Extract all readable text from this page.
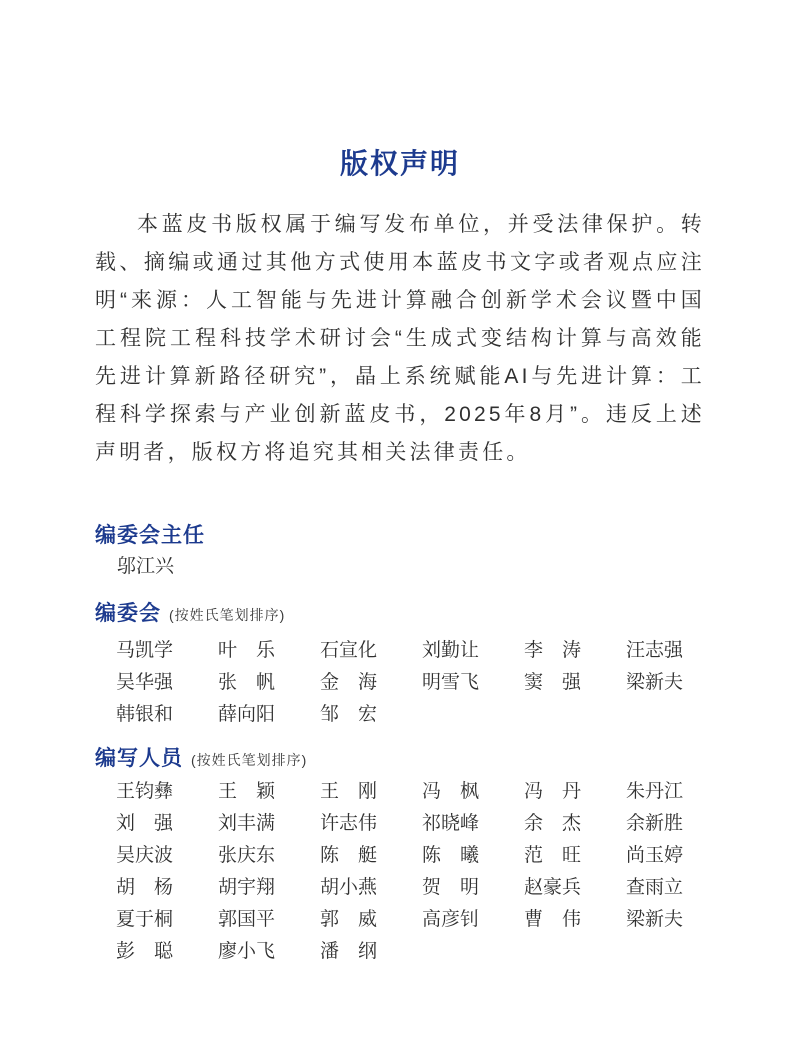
版权声明

本蓝皮书版权属于编写发布单位，并受法律保护。转载、摘编或通过其他方式使用本蓝皮书文字或者观点应注明“来源：人工智能与先进计算融合创新学术会议暨中国工程院工程科技学术研讨会“生成式变结构计算与高效能先进计算新路径研究”，晶上系统赋能AI与先进计算：工程科学探索与产业创新蓝皮书，2025年8月”。违反上述声明者，版权方将追究其相关法律责任。

编委会主任
邬江兴
编委会 (按姓氏笔划排序)
马凯学	叶　乐	石宣化	刘勤让	李　涛	汪志强
吴华强	张　帆	金　海	明雪飞	窦　强	梁新夫
韩银和	薛向阳	邹　宏
编写人员 (按姓氏笔划排序)
王钧彝	王　颖	王　刚	冯　枫	冯　丹	朱丹江
刘　强	刘丰满	许志伟	祁晓峰	余　杰	余新胜
吴庆波	张庆东	陈　艇	陈　曦	范　旺	尚玉婷
胡　杨	胡宇翔	胡小燕	贺　明	赵豪兵	查雨立
夏于桐	郭国平	郭　威	高彦钊	曹　伟	梁新夫
彭　聪	廖小飞	潘　纲
